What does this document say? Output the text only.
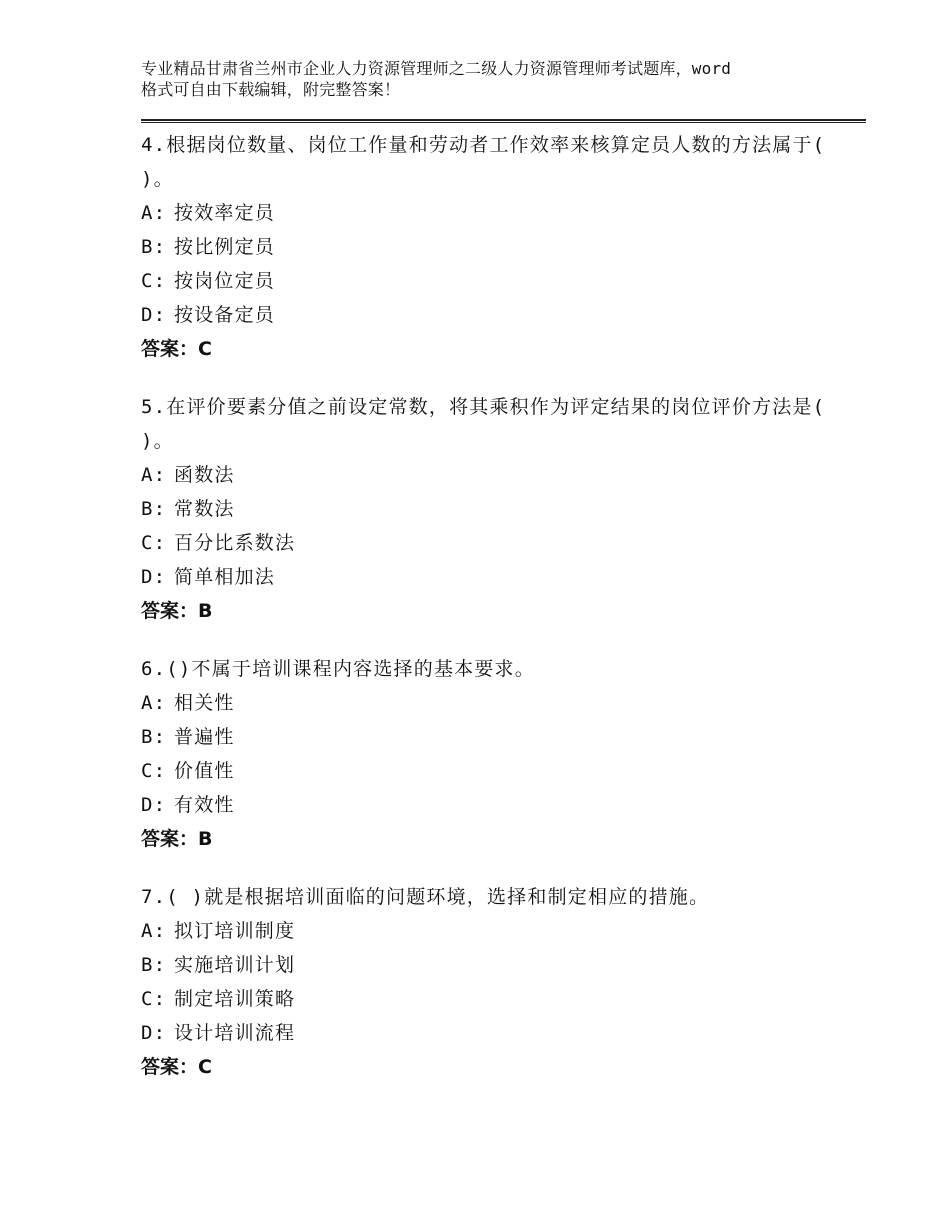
专业精品甘肃省兰州市企业人力资源管理师之二级人力资源管理师考试题库，word
格式可自由下载编辑，附完整答案！

4.根据岗位数量、岗位工作量和劳动者工作效率来核算定员人数的方法属于( )。

A: 按效率定员

B: 按比例定员

C: 按岗位定员

D: 按设备定员

答案：C

5.在评价要素分值之前设定常数，将其乘积作为评定结果的岗位评价方法是( )。

A: 函数法

B: 常数法

C: 百分比系数法

D: 简单相加法

答案：B

6.()不属于培训课程内容选择的基本要求。

A: 相关性

B: 普遍性

C: 价值性

D: 有效性

答案：B

7.( )就是根据培训面临的问题环境，选择和制定相应的措施。

A: 拟订培训制度

B: 实施培训计划

C: 制定培训策略

D: 设计培训流程

答案：C
